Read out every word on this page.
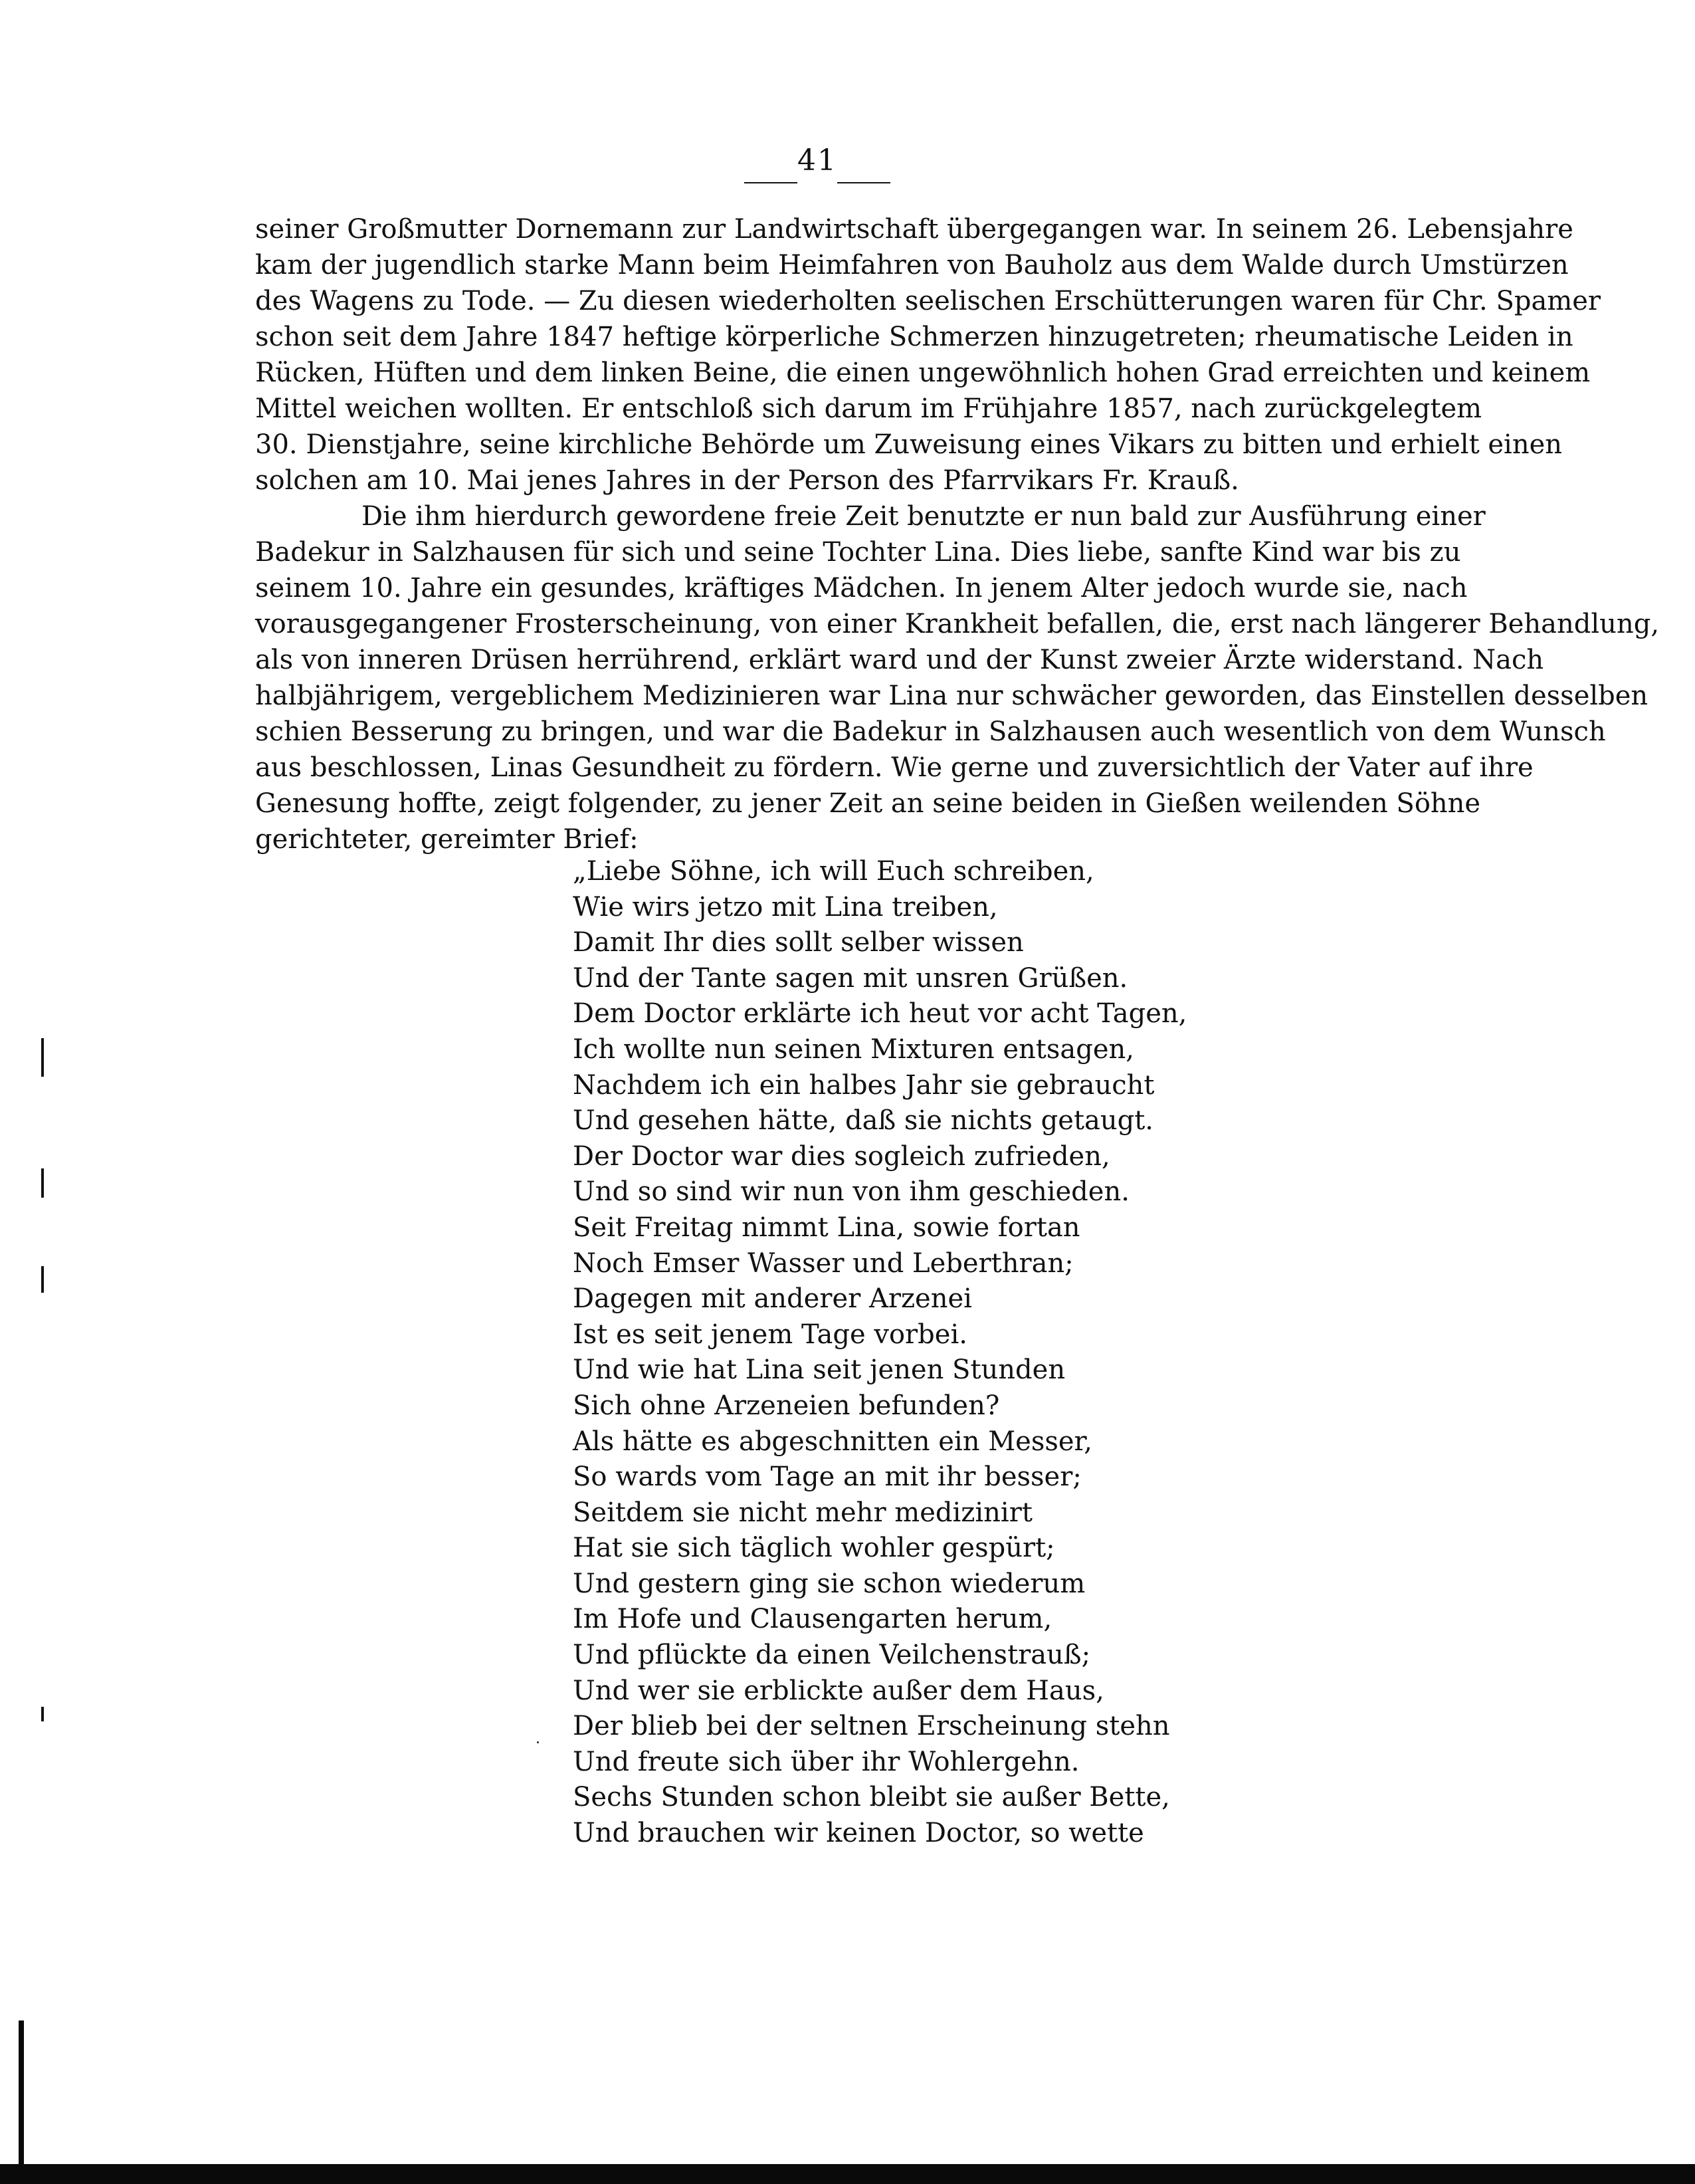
41
seiner Großmutter Dornemann zur Landwirtschaft übergegangen war. In seinem 26. Lebensjahre
kam der jugendlich starke Mann beim Heimfahren von Bauholz aus dem Walde durch Umstürzen
des Wagens zu Tode. — Zu diesen wiederholten seelischen Erschütterungen waren für Chr. Spamer
schon seit dem Jahre 1847 heftige körperliche Schmerzen hinzugetreten; rheumatische Leiden in
Rücken, Hüften und dem linken Beine, die einen ungewöhnlich hohen Grad erreichten und keinem
Mittel weichen wollten. Er entschloß sich darum im Frühjahre 1857, nach zurückgelegtem
30. Dienstjahre, seine kirchliche Behörde um Zuweisung eines Vikars zu bitten und erhielt einen
solchen am 10. Mai jenes Jahres in der Person des Pfarrvikars Fr. Krauß.
Die ihm hierdurch gewordene freie Zeit benutzte er nun bald zur Ausführung einer
Badekur in Salzhausen für sich und seine Tochter Lina. Dies liebe, sanfte Kind war bis zu
seinem 10. Jahre ein gesundes, kräftiges Mädchen. In jenem Alter jedoch wurde sie, nach
vorausgegangener Frosterscheinung, von einer Krankheit befallen, die, erst nach längerer Behandlung,
als von inneren Drüsen herrührend, erklärt ward und der Kunst zweier Ärzte widerstand. Nach
halbjährigem, vergeblichem Medizinieren war Lina nur schwächer geworden, das Einstellen desselben
schien Besserung zu bringen, und war die Badekur in Salzhausen auch wesentlich von dem Wunsch
aus beschlossen, Linas Gesundheit zu fördern. Wie gerne und zuversichtlich der Vater auf ihre
Genesung hoffte, zeigt folgender, zu jener Zeit an seine beiden in Gießen weilenden Söhne
gerichteter, gereimter Brief:
„Liebe Söhne, ich will Euch schreiben,
Wie wirs jetzo mit Lina treiben,
Damit Ihr dies sollt selber wissen
Und der Tante sagen mit unsren Grüßen.
Dem Doctor erklärte ich heut vor acht Tagen,
Ich wollte nun seinen Mixturen entsagen,
Nachdem ich ein halbes Jahr sie gebraucht
Und gesehen hätte, daß sie nichts getaugt.
Der Doctor war dies sogleich zufrieden,
Und so sind wir nun von ihm geschieden.
Seit Freitag nimmt Lina, sowie fortan
Noch Emser Wasser und Leberthran;
Dagegen mit anderer Arzenei
Ist es seit jenem Tage vorbei.
Und wie hat Lina seit jenen Stunden
Sich ohne Arzeneien befunden?
Als hätte es abgeschnitten ein Messer,
So wards vom Tage an mit ihr besser;
Seitdem sie nicht mehr medizinirt
Hat sie sich täglich wohler gespürt;
Und gestern ging sie schon wiederum
Im Hofe und Clausengarten herum,
Und pflückte da einen Veilchenstrauß;
Und wer sie erblickte außer dem Haus,
Der blieb bei der seltnen Erscheinung stehn
Und freute sich über ihr Wohlergehn.
Sechs Stunden schon bleibt sie außer Bette,
Und brauchen wir keinen Doctor, so wette
